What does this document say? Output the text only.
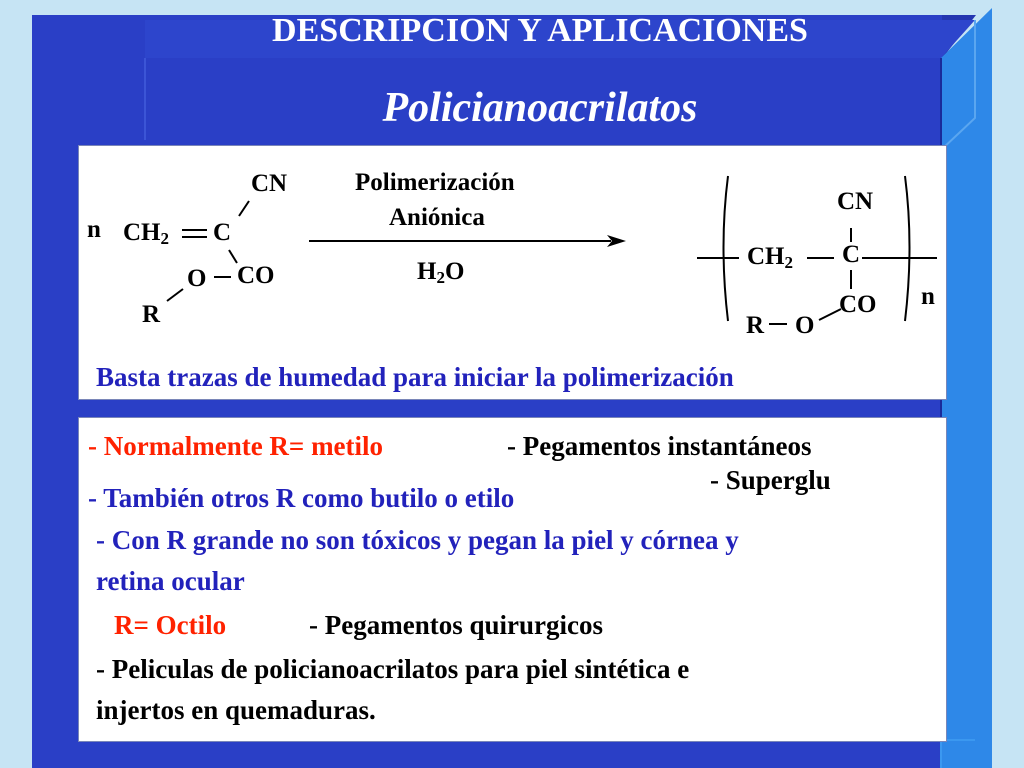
DESCRIPCION Y APLICACIONES
Policianoacrilatos
n $CH_2$ C
CN
O CO
R
Polimerización
Aniónica
$H_2O$
CN
$CH_2$ C
CO n
R O
Basta trazas de humedad para iniciar la polimerización
- Normalmente R= metilo	- Pegamentos instantáneos
- Superglu
- También otros R como butilo o etilo
- Con R grande no son tóxicos y pegan la piel y córnea y
retina ocular
R= Octilo	- Pegamentos quirurgicos
- Peliculas de policianoacrilatos para piel sintética e
injertos en quemaduras.
